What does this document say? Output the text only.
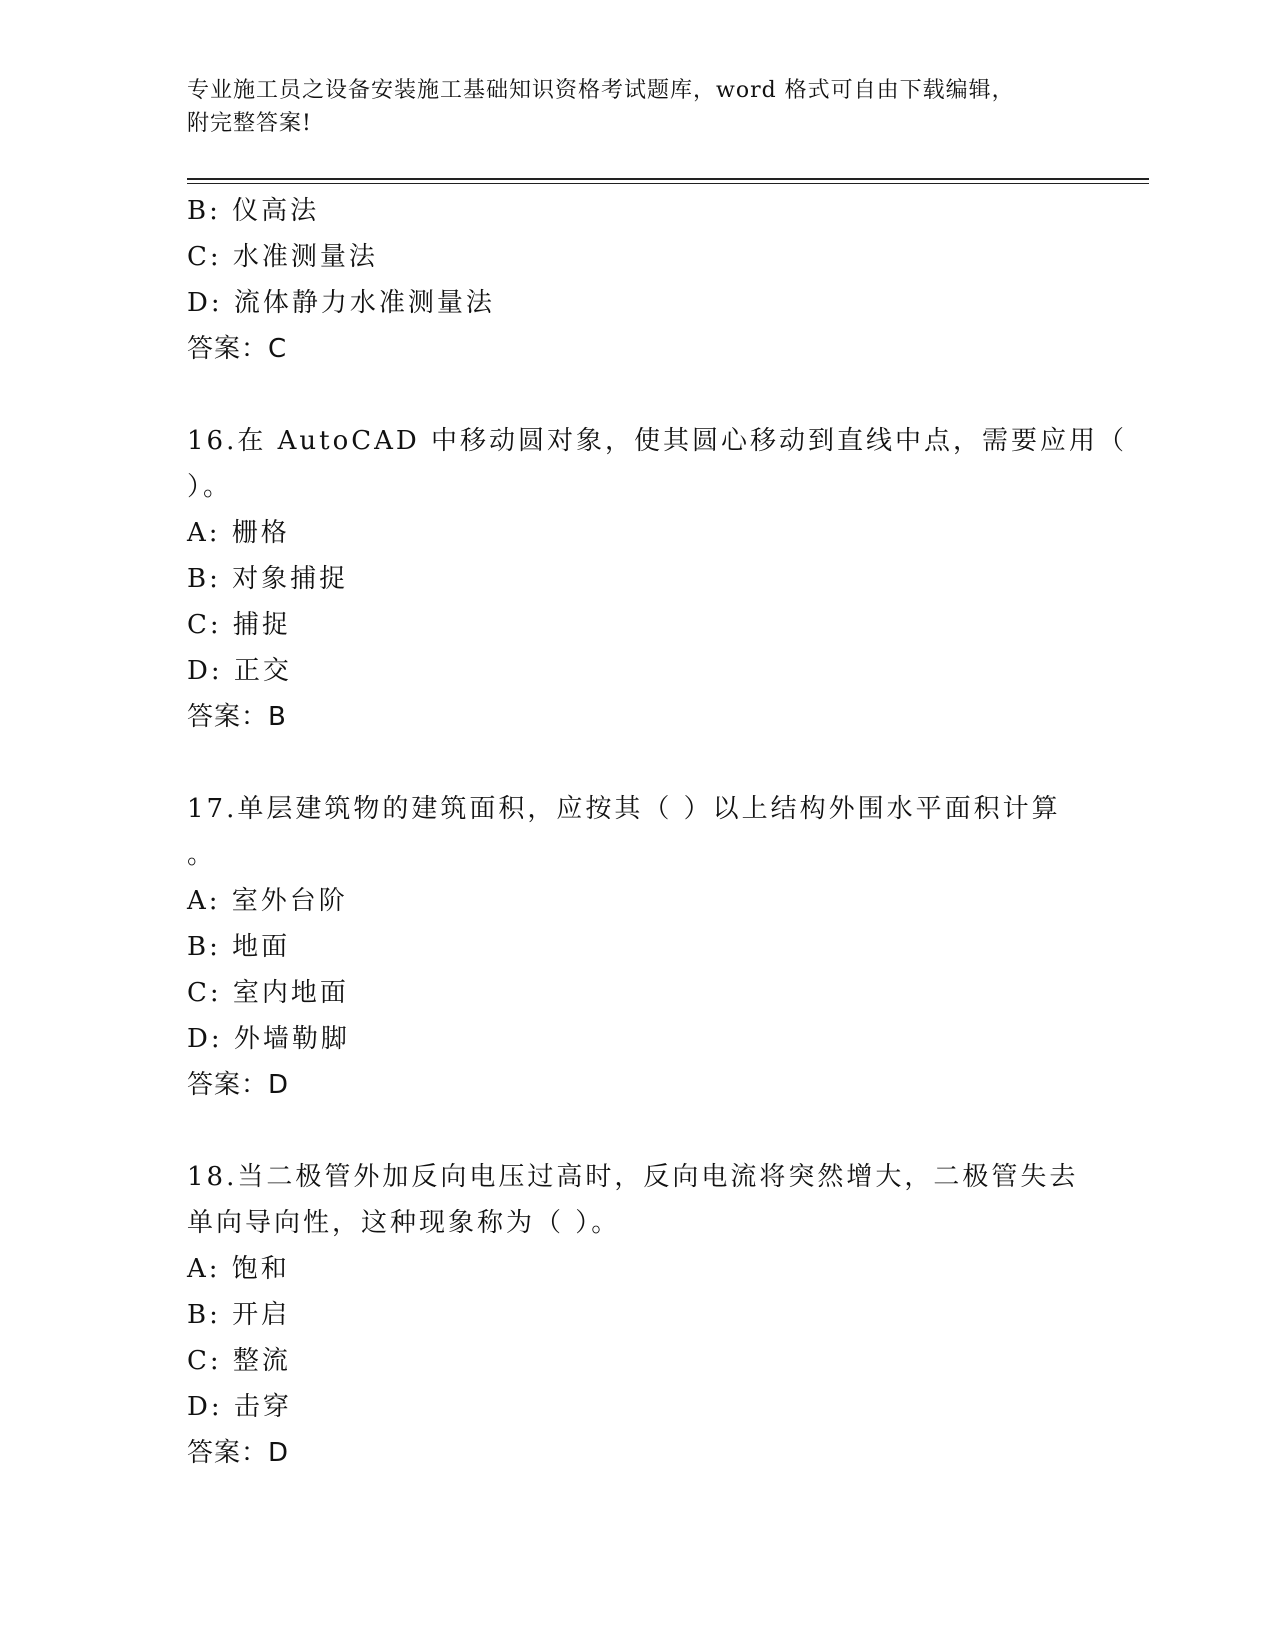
专业施工员之设备安装施工基础知识资格考试题库，word 格式可自由下载编辑，
附完整答案!
B: 仪高法
C: 水准测量法
D: 流体静力水准测量法
答案：C
16.在 AutoCAD 中移动圆对象，使其圆心移动到直线中点，需要应用（
）。
A: 栅格
B: 对象捕捉
C: 捕捉
D: 正交
答案：B
17.单层建筑物的建筑面积，应按其（ ）以上结构外围水平面积计算
。
A: 室外台阶
B: 地面
C: 室内地面
D: 外墙勒脚
答案：D
18.当二极管外加反向电压过高时，反向电流将突然增大，二极管失去
单向导向性，这种现象称为（ ）。
A: 饱和
B: 开启
C: 整流
D: 击穿
答案：D
